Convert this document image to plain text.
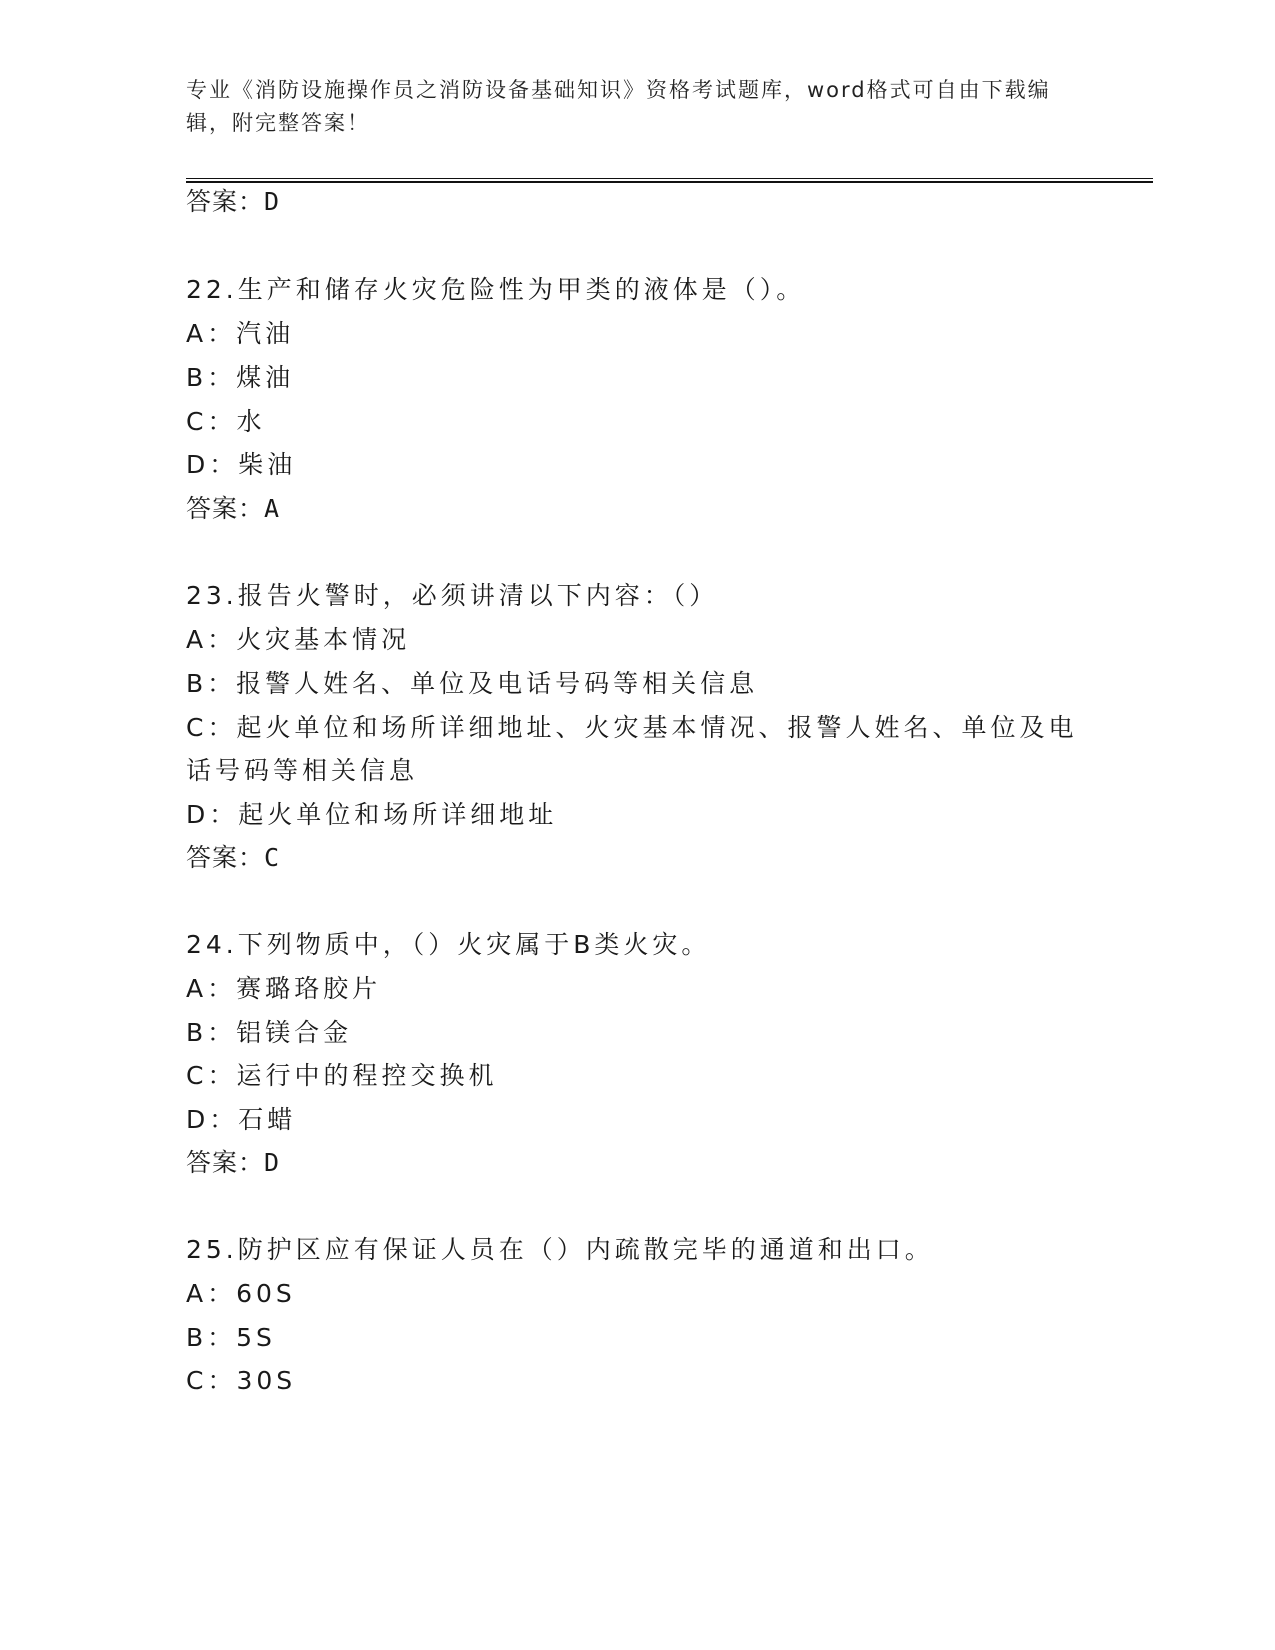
专业《消防设施操作员之消防设备基础知识》资格考试题库，word格式可自由下载编辑，附完整答案！
答案：D
22.生产和储存火灾危险性为甲类的液体是（）。
A：汽油
B：煤油
C：水
D：柴油
答案：A
23.报告火警时，必须讲清以下内容：（）
A：火灾基本情况
B：报警人姓名、单位及电话号码等相关信息
C：起火单位和场所详细地址、火灾基本情况、报警人姓名、单位及电
话号码等相关信息
D：起火单位和场所详细地址
答案：C
24.下列物质中，（）火灾属于B类火灾。
A：赛璐珞胶片
B：铝镁合金
C：运行中的程控交换机
D：石蜡
答案：D
25.防护区应有保证人员在（）内疏散完毕的通道和出口。
A：60S
B：5S
C：30S
